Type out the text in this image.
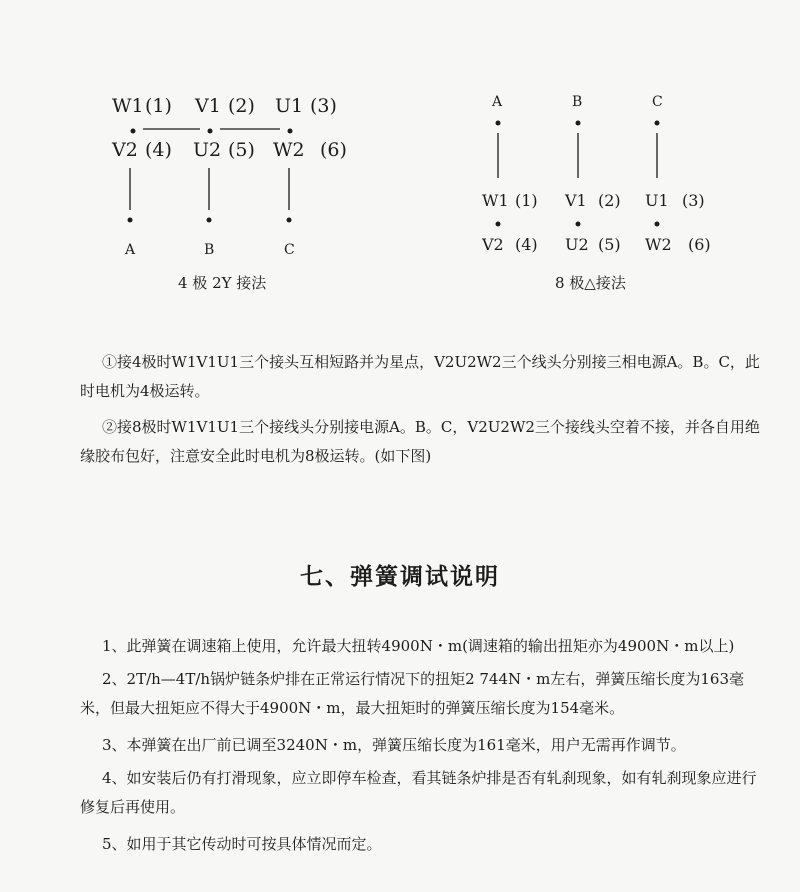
W1 (1) V1 (2) U1 (3)
V2 (4) U2 (5) W2 (6)
A	B	C
4 极 2Y 接法
A	B	C
W1 (1) V1 (2) U1 (3)
V2 (4) U2 (5) W2 (6)
8 极△接法

①接4极时W1V1U1三个接头互相短路并为星点，V2U2W2三个线头分别接三相电源A。B。C，此时电机为4极运转。

②接8极时W1V1U1三个接线头分别接电源A。B。C，V2U2W2三个接线头空着不接，并各自用绝缘胶布包好，注意安全此时电机为8极运转。(如下图)

七、弹簧调试说明

1、此弹簧在调速箱上使用，允许最大扭转4900N・m(调速箱的输出扭矩亦为4900N・m以上)

2、2T/h—4T/h锅炉链条炉排在正常运行情况下的扭矩2 744N・m左右，弹簧压缩长度为163毫米，但最大扭矩应不得大于4900N・m，最大扭矩时的弹簧压缩长度为154毫米。

3、本弹簧在出厂前已调至3240N・m，弹簧压缩长度为161毫米，用户无需再作调节。

4、如安装后仍有打滑现象，应立即停车检查，看其链条炉排是否有轧刹现象，如有轧刹现象应进行修复后再使用。

5、如用于其它传动时可按具体情况而定。
